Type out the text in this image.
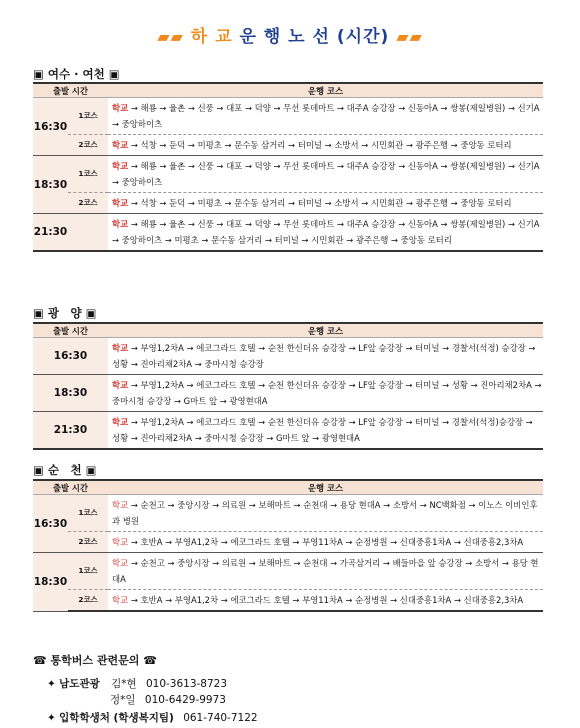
▰▰ 하 교 운 행 노 선 (시간) ▰▰
▣ 여수 · 여천 ▣
출발 시간		운행 코스
16:30	1코스	학교 → 해룡 → 율촌 → 신풍 → 대포 → 덕양 → 무선 롯데마트 → 대주A 승강장 → 신동아A → 쌍봉(제일병원) → 신기A → 중앙하이츠
	2코스	학교 → 석창 → 둔덕 → 미평초 → 문수동 삼거리 → 터미널 → 소방서 → 시민회관 → 광주은행 → 중앙동 로터리
18:30	1코스	학교 → 해룡 → 율촌 → 신풍 → 대포 → 덕양 → 무선 롯데마트 → 대주A 승강장 → 신동아A → 쌍봉(제일병원) → 신기A → 중앙하이츠
	2코스	학교 → 석창 → 둔덕 → 미평초 → 문수동 삼거리 → 터미널 → 소방서 → 시민회관 → 광주은행 → 중앙동 로터리
21:30		학교 → 해룡 → 율촌 → 신풍 → 대포 → 덕양 → 무선 롯데마트 → 대주A 승강장 → 신동아A → 쌍봉(제일병원) → 신기A → 중앙하이츠 → 미평초 → 문수동 삼거리 → 터미널 → 시민회관 → 광주은행 → 중앙동 로터리
▣ 광　양 ▣
출발 시간	운행 코스
16:30		학교 → 부영1,2차A → 에코그라드 호텔 → 순천 한신더유 승강장 → LF앞 승강장 → 터미널 → 경찰서(석정) 승강장 → 성황 → 진아리채2차A → 중마시청 승강장
18:30		학교 → 부영1,2차A → 에코그라드 호텔 → 순천 한신더유 승강장 → LF앞 승강장 → 터미널 → 성황 → 진아리채2차A → 중마시청 승강장 → G마트 앞 → 광영현대A
21:30		학교 → 부영1,2차A → 에코그라드 호텔 → 순천 한신더유 승강장 → LF앞 승강장 → 터미널 → 경찰서(석정)승강장 → 성황 → 진아리채2차A → 중마시청 승강장 → G마트 앞 → 광영현대A
▣ 순　천 ▣
출발 시간		운행 코스
16:30	1코스	학교 → 순천고 → 중앙시장 → 의료원 → 보해마트 → 순천대 → 용당 현대A → 소방서 → NC백화점 → 이노스 이비인후과 병원
	2코스	학교 → 호반A → 부영A1,2차 → 에코그라드 호텔 → 부영11차A → 순정병원 → 신대중흥1차A → 신대중흥2,3차A
18:30	1코스	학교 → 순천고 → 중앙시장 → 의료원 → 보해마트 → 순천대 → 가곡삼거리 → 배들마을 앞 승강장 → 소방서 → 용당 현대A
	2코스	학교 → 호반A → 부영A1,2차 → 에코그라드 호텔 → 부영11차A → 순정병원 → 신대중흥1차A → 신대중흥2,3차A
☎ 통학버스 관련문의 ☎
✦ 남도관광 김*현 010-3613-8723
정*일 010-6429-9973
✦ 입학학생처 (학생복지팀) 061-740-7122
